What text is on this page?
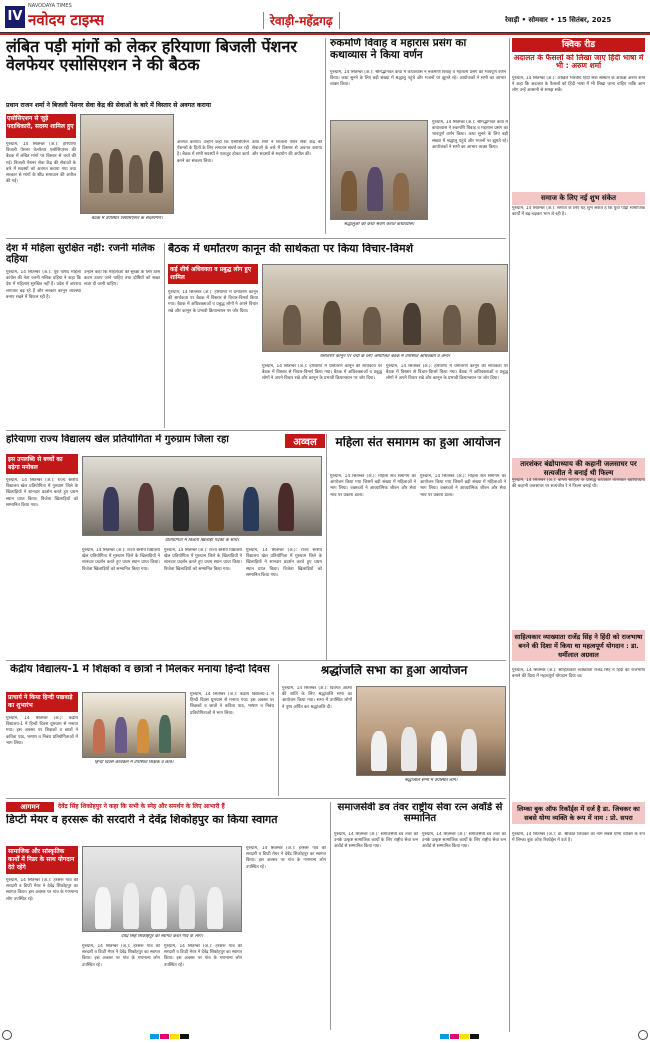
IV
NAVODAYA TIMES
नवोदय टाइम्स	रेवाड़ी-महेंद्रगढ़	रेवाड़ी • सोमवार • 15 सितंबर, 2025
लंबित पड़ी मांगों को लेकर हरियाणा बिजली पेंशनर वेलफेयर एसोसिएशन ने की बैठक
प्रधान राजन शर्मा ने बिजली पेंशनर सेवा केंद्र की सेवाओं के बारे में विस्तार से अवगत कराया
एसोसिएशन से जुड़े पदाधिकारी, सदस्य शामिल हुए
गुरुग्राम, 14 सितम्बर (अ.): हरियाणा बिजली पेंशनर वेलफेयर एसोसिएशन की बैठक में लंबित मांगों पर विस्तार से चर्चा की गई। बिजली पेंशनर सेवा केंद्र की सेवाओं के बारे में सदस्यों को अवगत कराया गया तथा सरकार से मांगों के शीघ्र समाधान की अपील की गई।
बैठक में उपस्थित एसोसिएशन के सदस्यगण।
अवगत कराया। उन्होंने कहा कि एसोसिएशन पेंशनरों के हितों के लिए लगातार संघर्ष कर रही है। बैठक में सभी सदस्यों ने एकजुट होकर कार्य करने का संकल्प लिया।
ऊषा शर्मा ने बिजली पेंशन सेवा केंद्र की सेवाओं के बारे में विस्तार से अवगत कराया और सदस्यों से सहयोग की अपील की।
रुकमणि विवाह व महारास प्रसंग का कथाव्यास ने किया वर्णन
गुरुग्राम, 14 सितम्बर (अ.): श्रीमद्भागवत कथा में कथाव्यास ने रुकमणि विवाह व महारास प्रसंग का भावपूर्ण वर्णन किया। कथा सुनने के लिए बड़ी संख्या में श्रद्धालु पहुंचे और भजनों पर झूमते रहे। आयोजकों ने सभी का आभार व्यक्त किया।
श्रद्धालुओं को कथा श्रवण कराते कथाव्यास।
गुरुग्राम, 14 सितम्बर (अ.): श्रीमद्भागवत कथा में कथाव्यास ने रुकमणि विवाह व महारास प्रसंग का भावपूर्ण वर्णन किया। कथा सुनने के लिए बड़ी संख्या में श्रद्धालु पहुंचे और भजनों पर झूमते रहे। आयोजकों ने सभी का आभार व्यक्त किया।
क्विक रीड
अदालत के फैसलों को लिखा जाए हिंदी भाषा में भी : अरुण शर्मा
गुरुग्राम, 14 सितम्बर (अ.): अखिल भारतीय हिंदी सेवा संस्थान के अध्यक्ष अरुण शर्मा ने कहा कि अदालत के फैसलों को हिंदी भाषा में भी लिखा जाना चाहिए ताकि आम लोग उन्हें आसानी से समझ सकें।
समाज के लिए नई शुभ संकेत
गुरुग्राम, 14 सितम्बर (अ.): समाज के लिए यह शुभ संकेत है कि युवा पीढ़ी सामाजिक कार्यों में बढ़-चढ़कर भाग ले रही है।
तारशंकर बंद्योपाध्याय की कहानी जलसाघर पर सत्यजीत ने बनाई थी फिल्म
गुरुग्राम, 14 सितम्बर (अ.): बांग्ला साहित्य के प्रसिद्ध कथाकार तारशंकर बंद्योपाध्याय की कहानी जलसाघर पर सत्यजीत रे ने फिल्म बनाई थी।
साहित्यकार व्याख्याता राजेंद्र सिंह ने हिंदी को राजभाषा बनने की दिशा में किया था महत्वपूर्ण योगदान : डा. धर्मीलाल अग्रवाल
गुरुग्राम, 14 सितम्बर (अ.): साहित्यकार व्याख्याता राजेंद्र सिंह ने हिंदी को राजभाषा बनाने की दिशा में महत्वपूर्ण योगदान दिया था।
लिम्का बुक ऑफ रिकॉर्ड्स में दर्ज है डा. जिचकर का सबसे योग्य व्यक्ति के रूप में नाम : प्रो. सपरा
गुरुग्राम, 14 सितम्बर (अ.): डा. श्रीकांत जिचकर का नाम सबसे योग्य व्यक्ति के रूप में लिम्का बुक ऑफ रिकॉर्ड्स में दर्ज है।
देश में महिला सुरक्षित नहीं: रजनी मलिक दहिया
गुरुग्राम, 14 सितम्बर (अ.): पूर्व पार्षद महिला कांग्रेस की नेता रजनी मलिक दहिया ने कहा कि देश में महिलाएं सुरक्षित नहीं हैं। प्रदेश में अपराध लगातार बढ़ रहे हैं और सरकार कानून व्यवस्था बनाए रखने में विफल रही है।
उन्होंने कहा कि महिलाओं की सुरक्षा के लिए ठोस कदम उठाए जाने चाहिए तथा दोषियों को सख्त सजा दी जानी चाहिए।
बैठक में धर्मांतरण कानून की सार्थकता पर किया विचार-विमर्श
कई शीर्ष अधिवक्ता व प्रबुद्ध लोग हुए शामिल
गुरुग्राम, 14 सितम्बर (अ.): हरियाणा में धर्मांतरण कानून की सार्थकता पर बैठक में विस्तार से विचार-विमर्श किया गया। बैठक में अधिवक्ताओं व प्रबुद्ध लोगों ने अपने विचार रखे और कानून के प्रभावी क्रियान्वयन पर जोर दिया।
धर्मांतरण कानून पर चर्चा के लिए आयोजित बैठक में उपस्थित अधिवक्ता व अन्य।
गुरुग्राम, 14 सितम्बर (अ.): हरियाणा में धर्मांतरण कानून की सार्थकता पर बैठक में विस्तार से विचार-विमर्श किया गया। बैठक में अधिवक्ताओं व प्रबुद्ध लोगों ने अपने विचार रखे और कानून के प्रभावी क्रियान्वयन पर जोर दिया।
गुरुग्राम, 14 सितम्बर (अ.): हरियाणा में धर्मांतरण कानून की सार्थकता पर बैठक में विस्तार से विचार-विमर्श किया गया। बैठक में अधिवक्ताओं व प्रबुद्ध लोगों ने अपने विचार रखे और कानून के प्रभावी क्रियान्वयन पर जोर दिया।
हरियाणा राज्य विद्यालय खेल प्रतियोगिता में गुरुग्राम जिला रहा	अव्वल
इस उपलब्धि से बच्चों का बढ़ेगा मनोबल
गुरुग्राम, 14 सितम्बर (अ.): राज्य स्तरीय विद्यालय खेल प्रतियोगिता में गुरुग्राम जिले के खिलाड़ियों ने शानदार प्रदर्शन करते हुए प्रथम स्थान प्राप्त किया। विजेता खिलाड़ियों को सम्मानित किया गया।
प्रतियोगिता में विजेता खिलाड़ी पदकों के साथ।
गुरुग्राम, 14 सितम्बर (अ.): राज्य स्तरीय विद्यालय खेल प्रतियोगिता में गुरुग्राम जिले के खिलाड़ियों ने शानदार प्रदर्शन करते हुए प्रथम स्थान प्राप्त किया। विजेता खिलाड़ियों को सम्मानित किया गया।
गुरुग्राम, 14 सितम्बर (अ.): राज्य स्तरीय विद्यालय खेल प्रतियोगिता में गुरुग्राम जिले के खिलाड़ियों ने शानदार प्रदर्शन करते हुए प्रथम स्थान प्राप्त किया। विजेता खिलाड़ियों को सम्मानित किया गया।
गुरुग्राम, 14 सितम्बर (अ.): राज्य स्तरीय विद्यालय खेल प्रतियोगिता में गुरुग्राम जिले के खिलाड़ियों ने शानदार प्रदर्शन करते हुए प्रथम स्थान प्राप्त किया। विजेता खिलाड़ियों को सम्मानित किया गया।
महिला संत समागम का हुआ आयोजन
गुरुग्राम, 14 सितम्बर (अ.): महिला संत समागम का आयोजन किया गया जिसमें बड़ी संख्या में महिलाओं ने भाग लिया। वक्ताओं ने आध्यात्मिक जीवन और सेवा भाव पर प्रकाश डाला।
गुरुग्राम, 14 सितम्बर (अ.): महिला संत समागम का आयोजन किया गया जिसमें बड़ी संख्या में महिलाओं ने भाग लिया। वक्ताओं ने आध्यात्मिक जीवन और सेवा भाव पर प्रकाश डाला।
केंद्रीय विद्यालय-1 में शिक्षकों व छात्रों ने मिलकर मनाया हिन्दी दिवस
प्राचार्य ने किया हिन्दी पखवाड़े का शुभारंभ
गुरुग्राम, 14 सितम्बर (अ.): केंद्रीय विद्यालय-1 में हिन्दी दिवस धूमधाम से मनाया गया। इस अवसर पर शिक्षकों व छात्रों ने कविता पाठ, भाषण व निबंध प्रतियोगिताओं में भाग लिया।
हिन्दी दिवस कार्यक्रम में उपस्थित शिक्षक व छात्र।
गुरुग्राम, 14 सितम्बर (अ.): केंद्रीय विद्यालय-1 में हिन्दी दिवस धूमधाम से मनाया गया। इस अवसर पर शिक्षकों व छात्रों ने कविता पाठ, भाषण व निबंध प्रतियोगिताओं में भाग लिया।
श्रद्धांजलि सभा का हुआ आयोजन
गुरुग्राम, 14 सितम्बर (अ.): दिवंगत आत्मा की शांति के लिए श्रद्धांजलि सभा का आयोजन किया गया। सभा में उपस्थित लोगों ने पुष्प अर्पित कर श्रद्धांजलि दी।
श्रद्धांजलि सभा में उपस्थित लोग।
आगमन	देवेंद्र सिंह शिकोहपुर ने कहा कि सभी के स्नेह और समर्थन के लिए आभारी हैं
डिप्टी मेयर व हरसरू की सरदारी ने देवेंद्र शिकोहपुर का किया स्वागत
सामाजिक और सांस्कृतिक कार्यों में निडर के साथ योगदान देते रहेंगे
गुरुग्राम, 14 सितम्बर (अ.): हरसरू गांव की सरदारी व डिप्टी मेयर ने देवेंद्र शिकोहपुर का स्वागत किया। इस अवसर पर गांव के गणमान्य लोग उपस्थित रहे।
देवेंद्र सिंह शिकोहपुर का स्वागत करते गांव के लोग।
गुरुग्राम, 14 सितम्बर (अ.): हरसरू गांव की सरदारी व डिप्टी मेयर ने देवेंद्र शिकोहपुर का स्वागत किया। इस अवसर पर गांव के गणमान्य लोग उपस्थित रहे।
गुरुग्राम, 14 सितम्बर (अ.): हरसरू गांव की सरदारी व डिप्टी मेयर ने देवेंद्र शिकोहपुर का स्वागत किया। इस अवसर पर गांव के गणमान्य लोग उपस्थित रहे।
गुरुग्राम, 14 सितम्बर (अ.): हरसरू गांव की सरदारी व डिप्टी मेयर ने देवेंद्र शिकोहपुर का स्वागत किया। इस अवसर पर गांव के गणमान्य लोग उपस्थित रहे।
समाजसेवी डव तंवर राष्ट्रीय सेवा रत्न अवॉर्ड से सम्मानित
गुरुग्राम, 14 सितम्बर (अ.): समाजसेवी डव तंवर को उनके उत्कृष्ट सामाजिक कार्यों के लिए राष्ट्रीय सेवा रत्न अवॉर्ड से सम्मानित किया गया।
गुरुग्राम, 14 सितम्बर (अ.): समाजसेवी डव तंवर को उनके उत्कृष्ट सामाजिक कार्यों के लिए राष्ट्रीय सेवा रत्न अवॉर्ड से सम्मानित किया गया।
